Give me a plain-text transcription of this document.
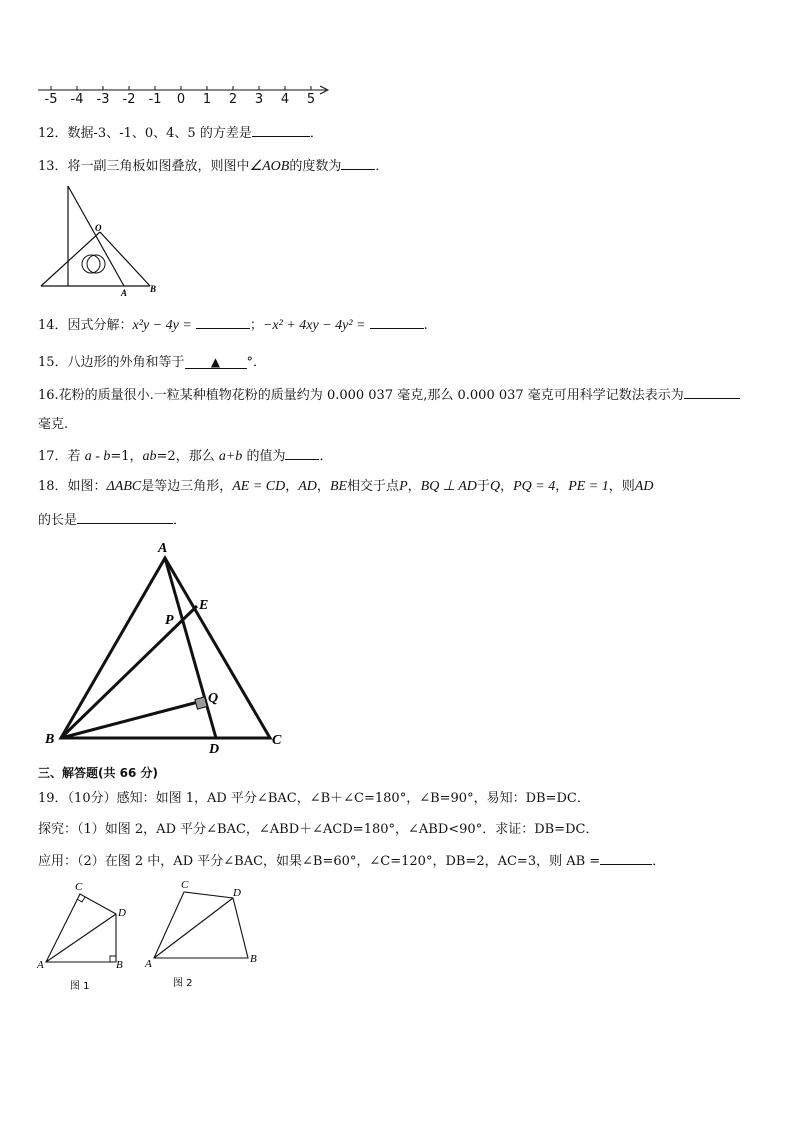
-5 -4 -3 -2 -1	0	1	2	3	4	5
12．数据-3、-1、0、4、5 的方差是	．
13．将一副三角板如图叠放，则图中∠AOB的度数为	．
O
A	B
14．因式分解：x²y − 4y =	；−x² + 4xy − 4y² =	.
15．八边形的外角和等于 ▲ °．
16.花粉的质量很小.一粒某种植物花粉的质量约为 0.000 037 毫克,那么 0.000 037 毫克可用科学记数法表示为
毫克.
17．若 a - b=1，ab=2，那么 a+b 的值为	．
18．如图：ΔABC是等边三角形，AE = CD，AD，BE相交于点P，BQ ⊥ AD于Q，PQ = 4，PE = 1，则AD
的长是	．
A
B	C
D
E
P
Q
三、解答题(共 66 分)
19．（10分）感知：如图 1，AD 平分∠BAC，∠B＋∠C=180°，∠B=90°，易知：DB=DC．
探究：（1）如图 2，AD 平分∠BAC，∠ABD＋∠ACD=180°，∠ABD<90°．求证：DB=DC．
应用：（2）在图 2 中，AD 平分∠BAC，如果∠B=60°，∠C=120°，DB=2，AC=3，则 AB =	．
A	B
C
D
图 1
A	B
C
D
图 2
